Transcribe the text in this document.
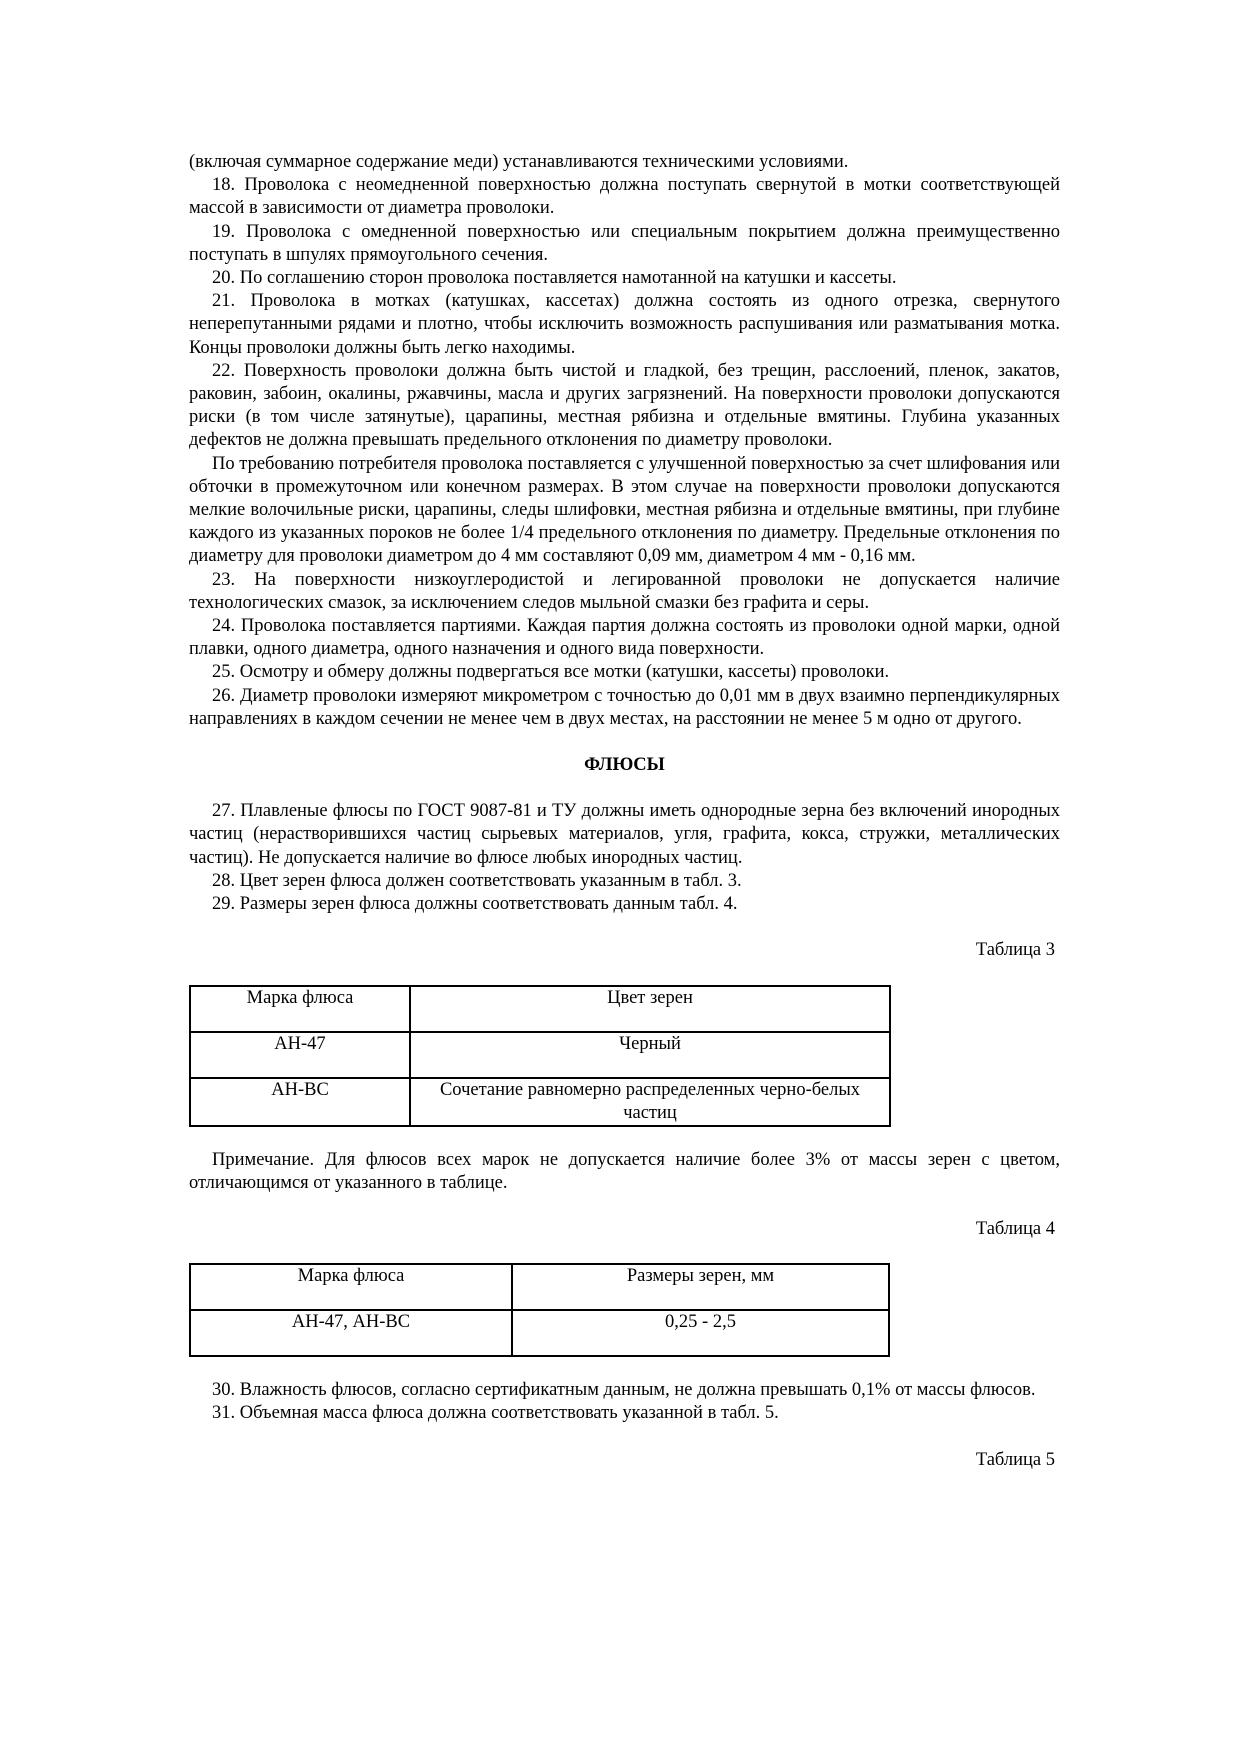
(включая суммарное содержание меди) устанавливаются техническими условиями.

18. Проволока с неомедненной поверхностью должна поступать свернутой в мотки соответствующей массой в зависимости от диаметра проволоки.

19. Проволока с омедненной поверхностью или специальным покрытием должна преимущественно поступать в шпулях прямоугольного сечения.

20. По соглашению сторон проволока поставляется намотанной на катушки и кассеты.

21. Проволока в мотках (катушках, кассетах) должна состоять из одного отрезка, свернутого неперепутанными рядами и плотно, чтобы исключить возможность распушивания или разматывания мотка. Концы проволоки должны быть легко находимы.

22. Поверхность проволоки должна быть чистой и гладкой, без трещин, расслоений, пленок, закатов, раковин, забоин, окалины, ржавчины, масла и других загрязнений. На поверхности проволоки допускаются риски (в том числе затянутые), царапины, местная рябизна и отдельные вмятины. Глубина указанных дефектов не должна превышать предельного отклонения по диаметру проволоки.

По требованию потребителя проволока поставляется с улучшенной поверхностью за счет шлифования или обточки в промежуточном или конечном размерах. В этом случае на поверхности проволоки допускаются мелкие волочильные риски, царапины, следы шлифовки, местная рябизна и отдельные вмятины, при глубине каждого из указанных пороков не более 1/4 предельного отклонения по диаметру. Предельные отклонения по диаметру для проволоки диаметром до 4 мм составляют 0,09 мм, диаметром 4 мм - 0,16 мм.

23. На поверхности низкоуглеродистой и легированной проволоки не допускается наличие технологических смазок, за исключением следов мыльной смазки без графита и серы.

24. Проволока поставляется партиями. Каждая партия должна состоять из проволоки одной марки, одной плавки, одного диаметра, одного назначения и одного вида поверхности.

25. Осмотру и обмеру должны подвергаться все мотки (катушки, кассеты) проволоки.

26. Диаметр проволоки измеряют микрометром с точностью до 0,01 мм в двух взаимно перпендикулярных направлениях в каждом сечении не менее чем в двух местах, на расстоянии не менее 5 м одно от другого.

ФЛЮСЫ

27. Плавленые флюсы по ГОСТ 9087-81 и ТУ должны иметь однородные зерна без включений инородных частиц (нерастворившихся частиц сырьевых материалов, угля, графита, кокса, стружки, металлических частиц). Не допускается наличие во флюсе любых инородных частиц.

28. Цвет зерен флюса должен соответствовать указанным в табл. 3.

29. Размеры зерен флюса должны соответствовать данным табл. 4.

Таблица 3
Марка флюса	Цвет зерен
АН-47	Черный
АН-ВС	Сочетание равномерно распределенных черно-белых частиц

Примечание. Для флюсов всех марок не допускается наличие более 3% от массы зерен с цветом, отличающимся от указанного в таблице.

Таблица 4
Марка флюса	Размеры зерен, мм
АН-47, АН-ВС	0,25 - 2,5

30. Влажность флюсов, согласно сертификатным данным, не должна превышать 0,1% от массы флюсов.

31. Объемная масса флюса должна соответствовать указанной в табл. 5.

Таблица 5
